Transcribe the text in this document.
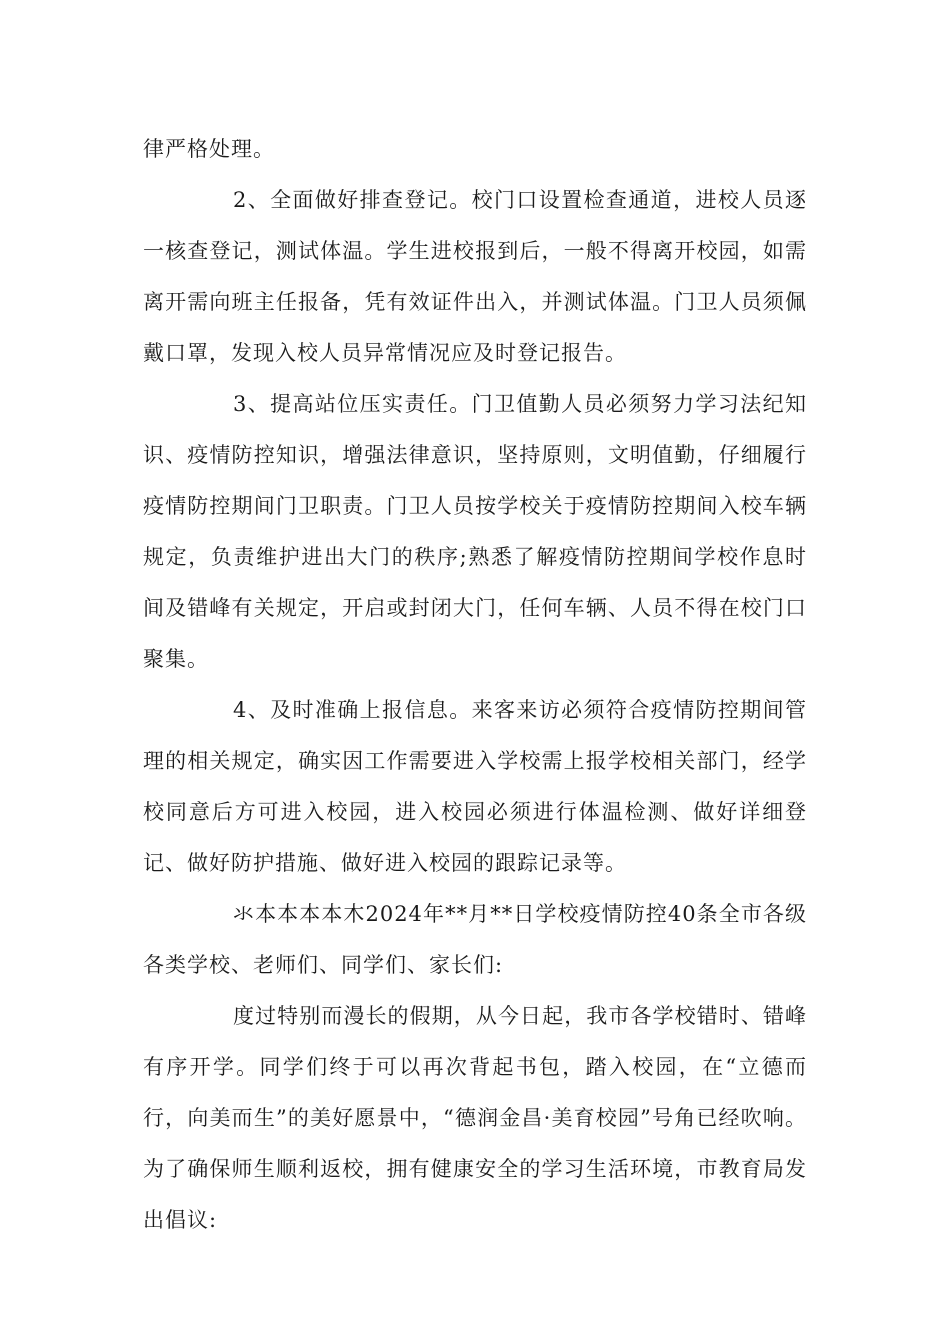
律严格处理。

2、全面做好排查登记。校门口设置检查通道，进校人员逐一核查登记，测试体温。学生进校报到后，一般不得离开校园，如需离开需向班主任报备，凭有效证件出入，并测试体温。门卫人员须佩戴口罩，发现入校人员异常情况应及时登记报告。

3、提高站位压实责任。门卫值勤人员必须努力学习法纪知识、疫情防控知识，增强法律意识，坚持原则，文明值勤，仔细履行疫情防控期间门卫职责。门卫人员按学校关于疫情防控期间入校车辆规定，负责维护进出大门的秩序;熟悉了解疫情防控期间学校作息时间及错峰有关规定，开启或封闭大门，任何车辆、人员不得在校门口聚集。

4、及时准确上报信息。来客来访必须符合疫情防控期间管理的相关规定，确实因工作需要进入学校需上报学校相关部门，经学校同意后方可进入校园，进入校园必须进行体温检测、做好详细登记、做好防护措施、做好进入校园的跟踪记录等。

氺本本本本木2024年**月**日学校疫情防控40条全市各级各类学校、老师们、同学们、家长们:

度过特别而漫长的假期，从今日起，我市各学校错时、错峰有序开学。同学们终于可以再次背起书包，踏入校园，在“立德而行，向美而生”的美好愿景中，“德润金昌·美育校园”号角已经吹响。为了确保师生顺利返校，拥有健康安全的学习生活环境，市教育局发出倡议:
